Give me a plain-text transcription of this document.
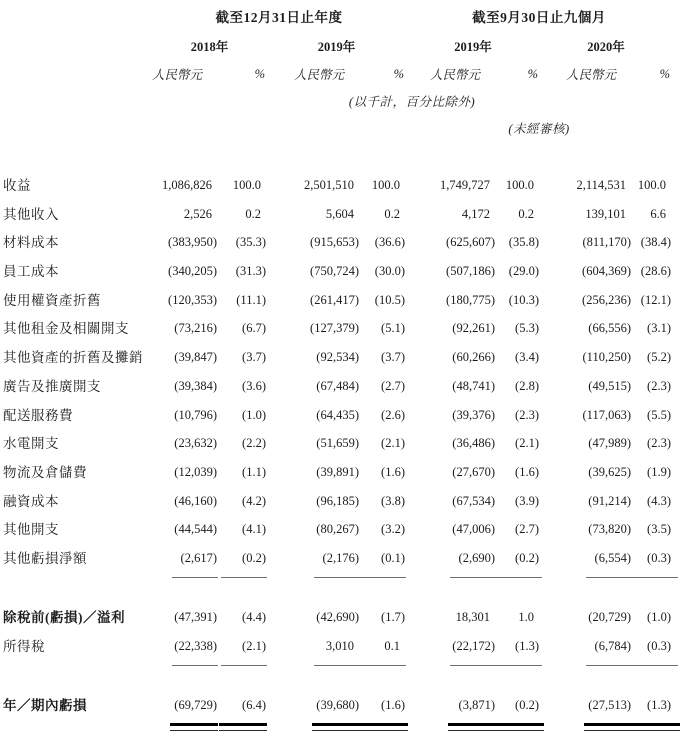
	截至12月31日止年度				截至9月30日止九個月			
	2018年		2019年		2019年		2020年	
	人民幣元	%	人民幣元	%	人民幣元	%	人民幣元	%
	(以千計，百分比除外)							
					(未經審核)			

收益	1,086,826	100.0	2,501,510	100.0	1,749,727	100.0	2,114,531	100.0
其他收入	2,526	0.2	5,604	0.2	4,172	0.2	139,101	6.6
材料成本	(383,950)	(35.3)	(915,653)	(36.6)	(625,607)	(35.8)	(811,170)	(38.4)
員工成本	(340,205)	(31.3)	(750,724)	(30.0)	(507,186)	(29.0)	(604,369)	(28.6)
使用權資產折舊	(120,353)	(11.1)	(261,417)	(10.5)	(180,775)	(10.3)	(256,236)	(12.1)
其他租金及相關開支	(73,216)	(6.7)	(127,379)	(5.1)	(92,261)	(5.3)	(66,556)	(3.1)
其他資產的折舊及攤銷	(39,847)	(3.7)	(92,534)	(3.7)	(60,266)	(3.4)	(110,250)	(5.2)
廣告及推廣開支	(39,384)	(3.6)	(67,484)	(2.7)	(48,741)	(2.8)	(49,515)	(2.3)
配送服務費	(10,796)	(1.0)	(64,435)	(2.6)	(39,376)	(2.3)	(117,063)	(5.5)
水電開支	(23,632)	(2.2)	(51,659)	(2.1)	(36,486)	(2.1)	(47,989)	(2.3)
物流及倉儲費	(12,039)	(1.1)	(39,891)	(1.6)	(27,670)	(1.6)	(39,625)	(1.9)
融資成本	(46,160)	(4.2)	(96,185)	(3.8)	(67,534)	(3.9)	(91,214)	(4.3)
其他開支	(44,544)	(4.1)	(80,267)	(3.2)	(47,006)	(2.7)	(73,820)	(3.5)
其他虧損淨額	(2,617)	(0.2)	(2,176)	(0.1)	(2,690)	(0.2)	(6,554)	(0.3)

除稅前(虧損)／溢利	(47,391)	(4.4)	(42,690)	(1.7)	18,301	1.0	(20,729)	(1.0)
所得稅	(22,338)	(2.1)	3,010	0.1	(22,172)	(1.3)	(6,784)	(0.3)

年／期內虧損	(69,729)	(6.4)	(39,680)	(1.6)	(3,871)	(0.2)	(27,513)	(1.3)
